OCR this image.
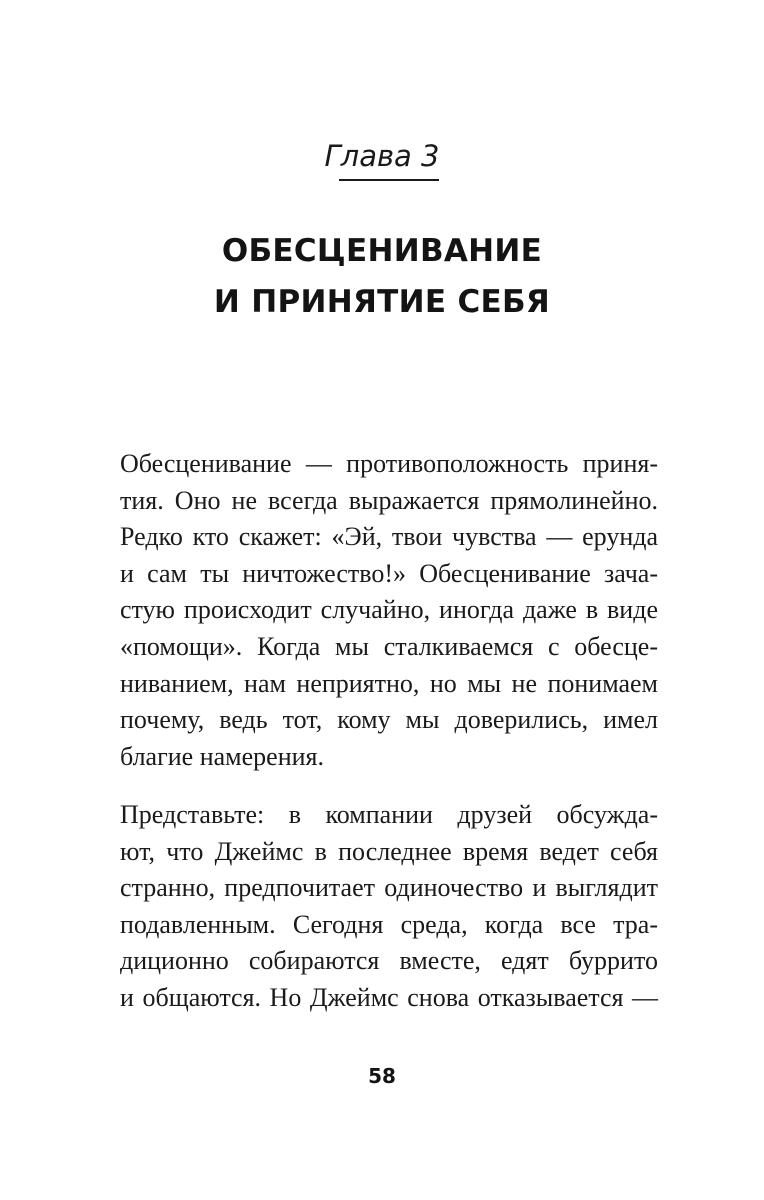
Глава 3
ОБЕСЦЕНИВАНИЕ
И ПРИНЯТИЕ СЕБЯ
Обесценивание — противоположность приня-
тия. Оно не всегда выражается прямолинейно.
Редко кто скажет: «Эй, твои чувства — ерунда
и сам ты ничтожество!» Обесценивание зача-
стую происходит случайно, иногда даже в виде
«помощи». Когда мы сталкиваемся с обесце-
ниванием, нам неприятно, но мы не понимаем
почему, ведь тот, кому мы доверились, имел
благие намерения.
Представьте: в компании друзей обсужда-
ют, что Джеймс в последнее время ведет себя
странно, предпочитает одиночество и выглядит
подавленным. Сегодня среда, когда все тра-
диционно собираются вместе, едят буррито
и общаются. Но Джеймс снова отказывается —
58
